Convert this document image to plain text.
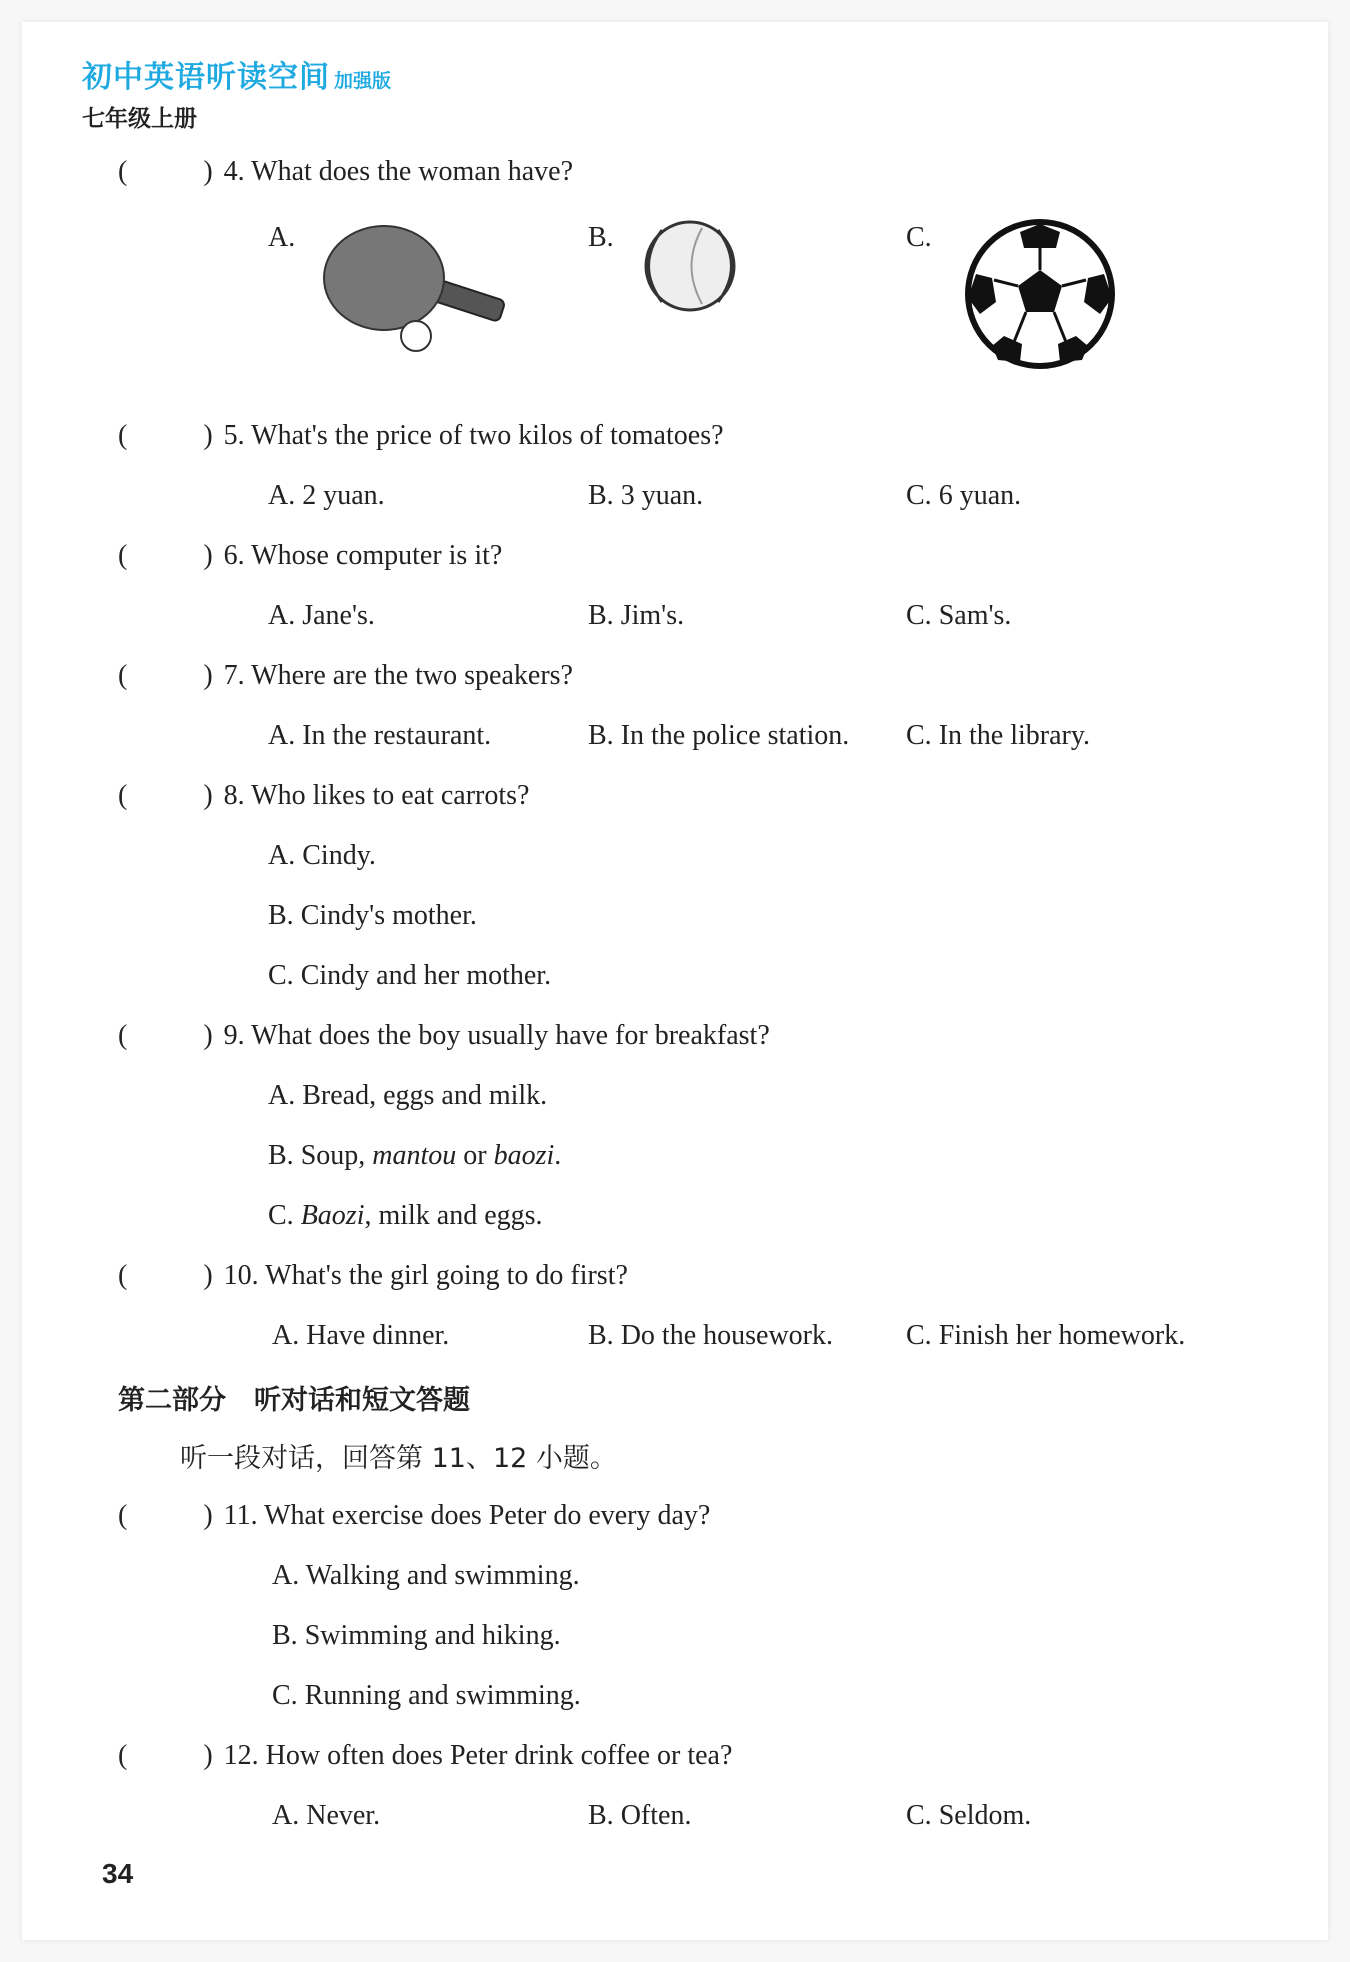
初中英语听读空间 加强版
七年级上册
(	) 4. What does the woman have?
A.	B.	C.
(	) 5. What's the price of two kilos of tomatoes?
A. 2 yuan.	B. 3 yuan.	C. 6 yuan.
(	) 6. Whose computer is it?
A. Jane's.	B. Jim's.	C. Sam's.
(	) 7. Where are the two speakers?
A. In the restaurant.	B. In the police station. C. In the library.
(	) 8. Who likes to eat carrots?
A. Cindy.
B. Cindy's mother.
C. Cindy and her mother.
(	) 9. What does the boy usually have for breakfast?
A. Bread, eggs and milk.
B. Soup, mantou or baozi.
C. Baozi, milk and eggs.
(	) 10. What's the girl going to do first?
A. Have dinner.	B. Do the housework.	C. Finish her homework.
第二部分 听对话和短文答题
听一段对话，回答第 11、12 小题。
(	) 11. What exercise does Peter do every day?
A. Walking and swimming.
B. Swimming and hiking.
C. Running and swimming.
(	) 12. How often does Peter drink coffee or tea?
A. Never.	B. Often.	C. Seldom.
34
